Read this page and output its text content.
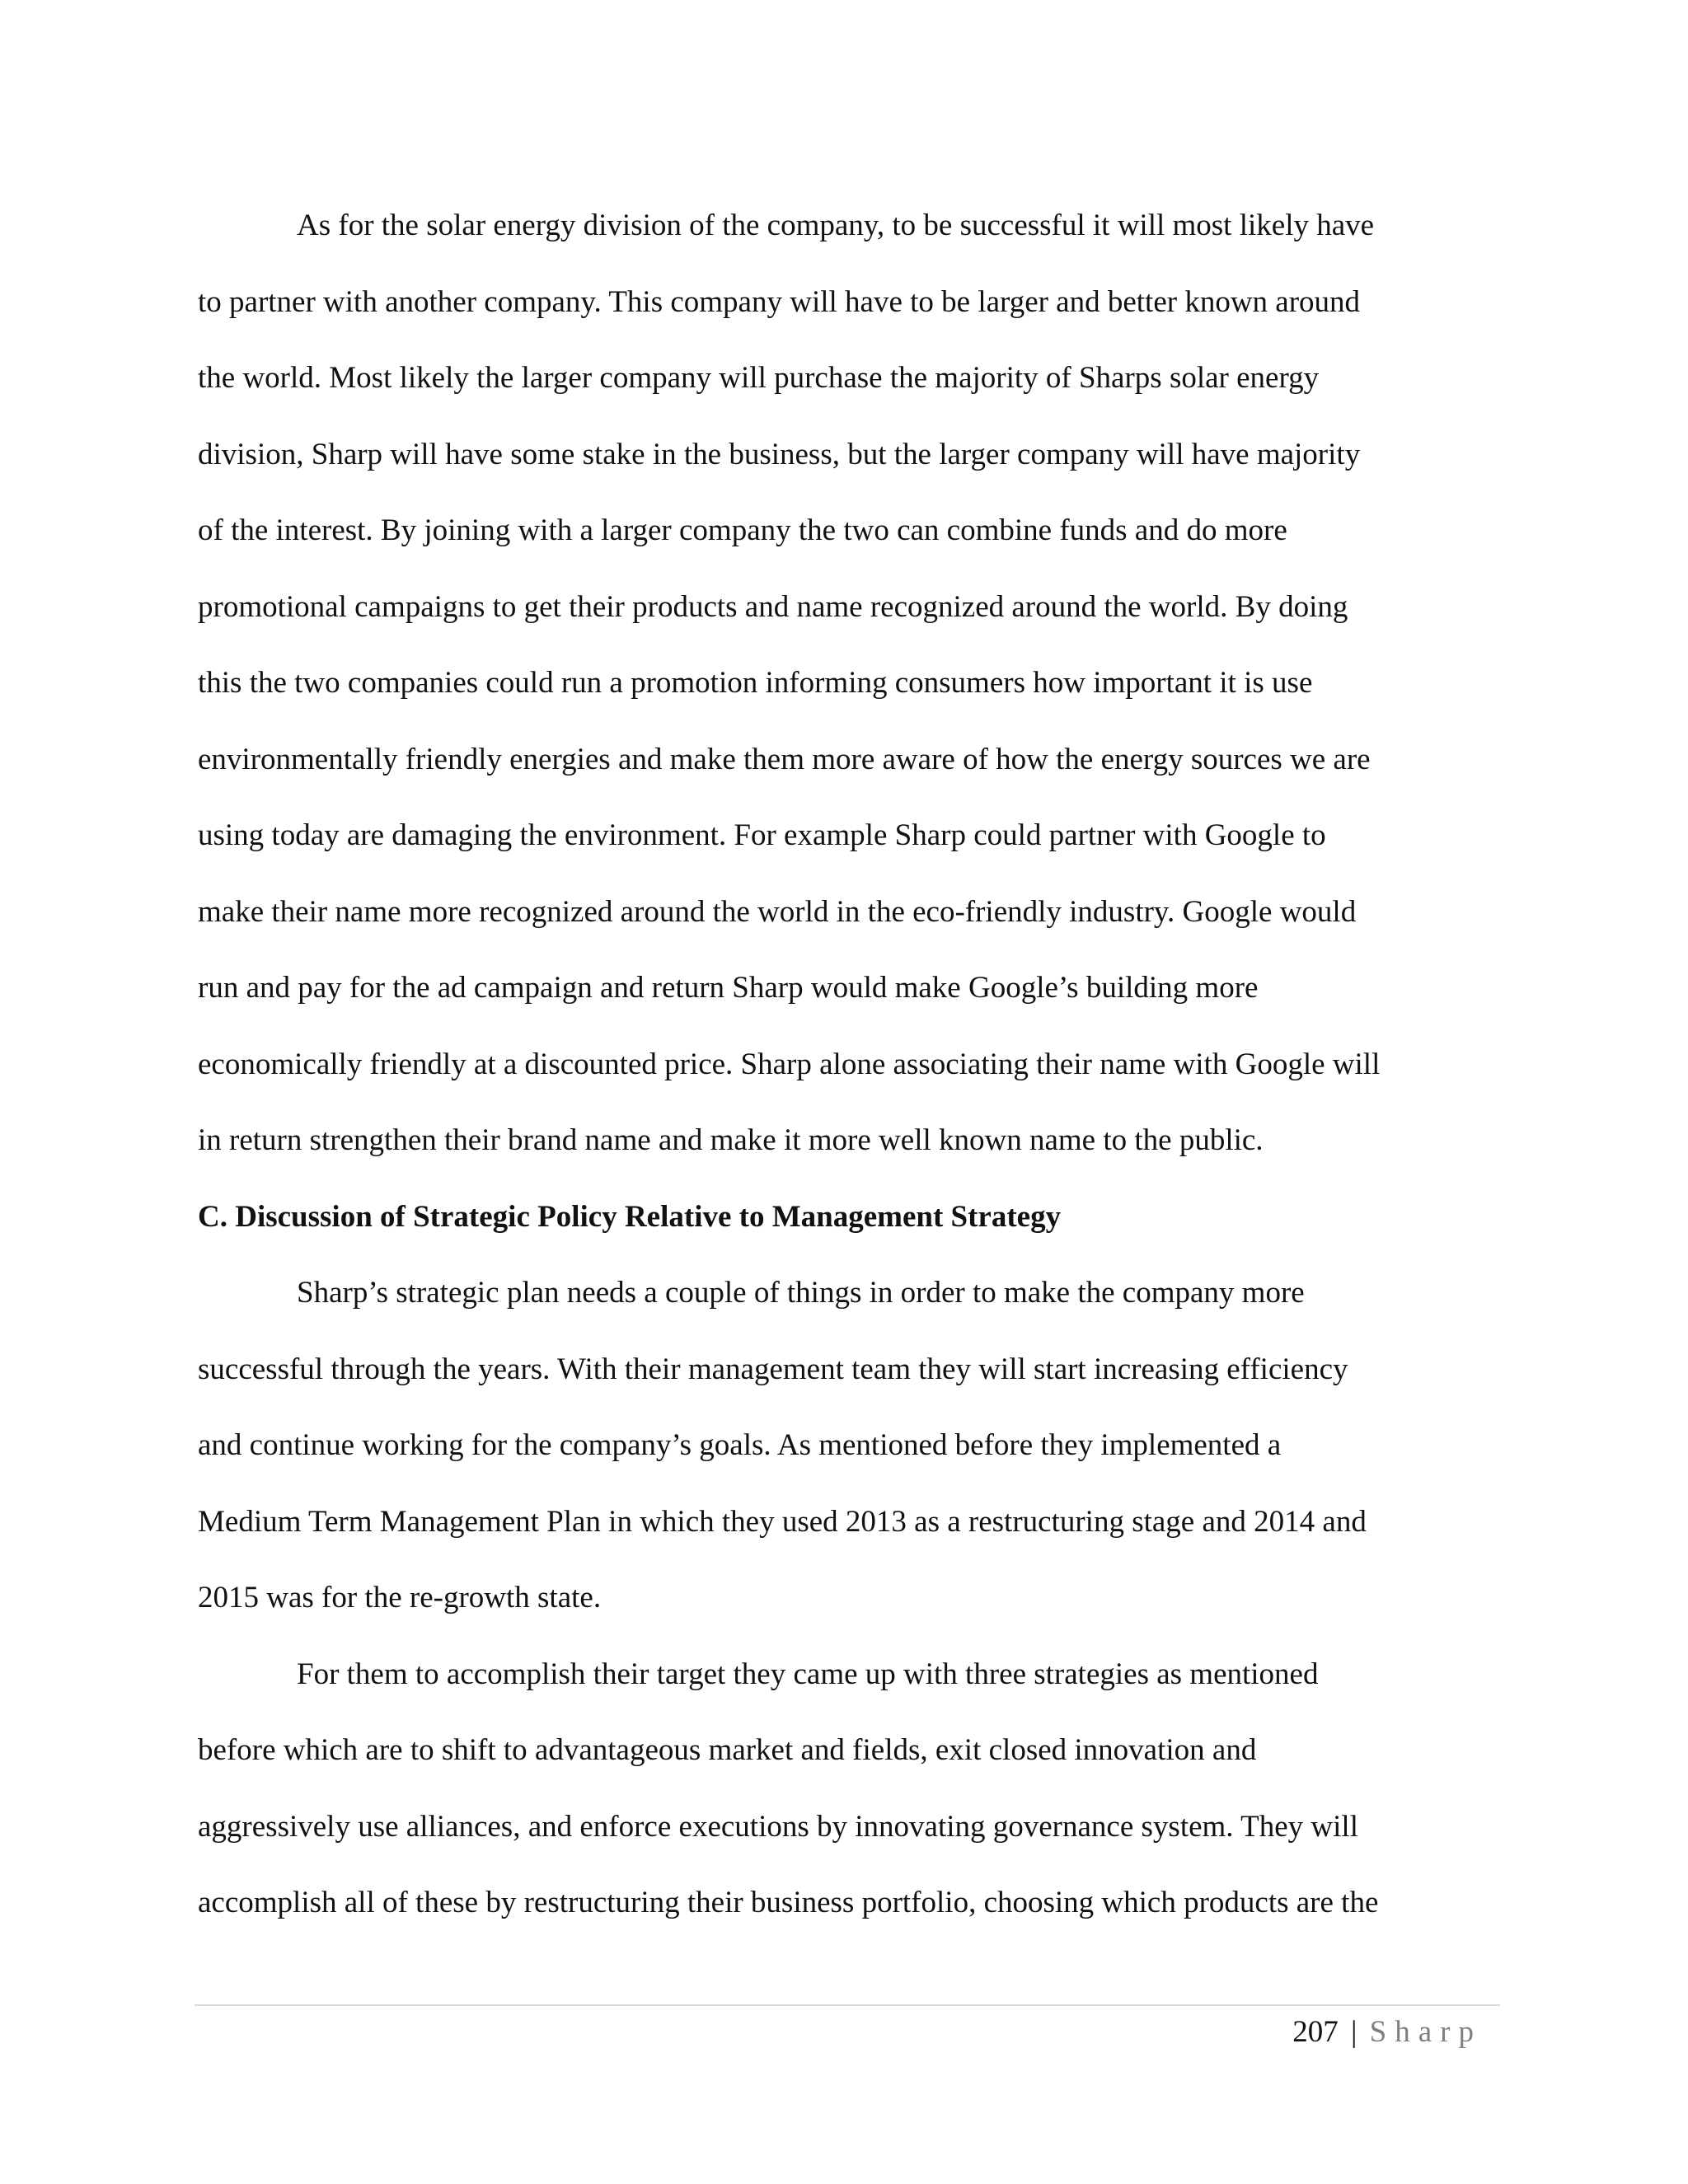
As for the solar energy division of the company, to be successful it will most likely have
to partner with another company. This company will have to be larger and better known around
the world. Most likely the larger company will purchase the majority of Sharps solar energy
division, Sharp will have some stake in the business, but the larger company will have majority
of the interest. By joining with a larger company the two can combine funds and do more
promotional campaigns to get their products and name recognized around the world. By doing
this the two companies could run a promotion informing consumers how important it is use
environmentally friendly energies and make them more aware of how the energy sources we are
using today are damaging the environment. For example Sharp could partner with Google to
make their name more recognized around the world in the eco-friendly industry. Google would
run and pay for the ad campaign and return Sharp would make Google’s building more
economically friendly at a discounted price. Sharp alone associating their name with Google will
in return strengthen their brand name and make it more well known name to the public.
C. Discussion of Strategic Policy Relative to Management Strategy
Sharp’s strategic plan needs a couple of things in order to make the company more
successful through the years. With their management team they will start increasing efficiency
and continue working for the company’s goals. As mentioned before they implemented a
Medium Term Management Plan in which they used 2013 as a restructuring stage and 2014 and
2015 was for the re-growth state.
For them to accomplish their target they came up with three strategies as mentioned
before which are to shift to advantageous market and fields, exit closed innovation and
aggressively use alliances, and enforce executions by innovating governance system. They will
accomplish all of these by restructuring their business portfolio, choosing which products are the
207 | Sharp
